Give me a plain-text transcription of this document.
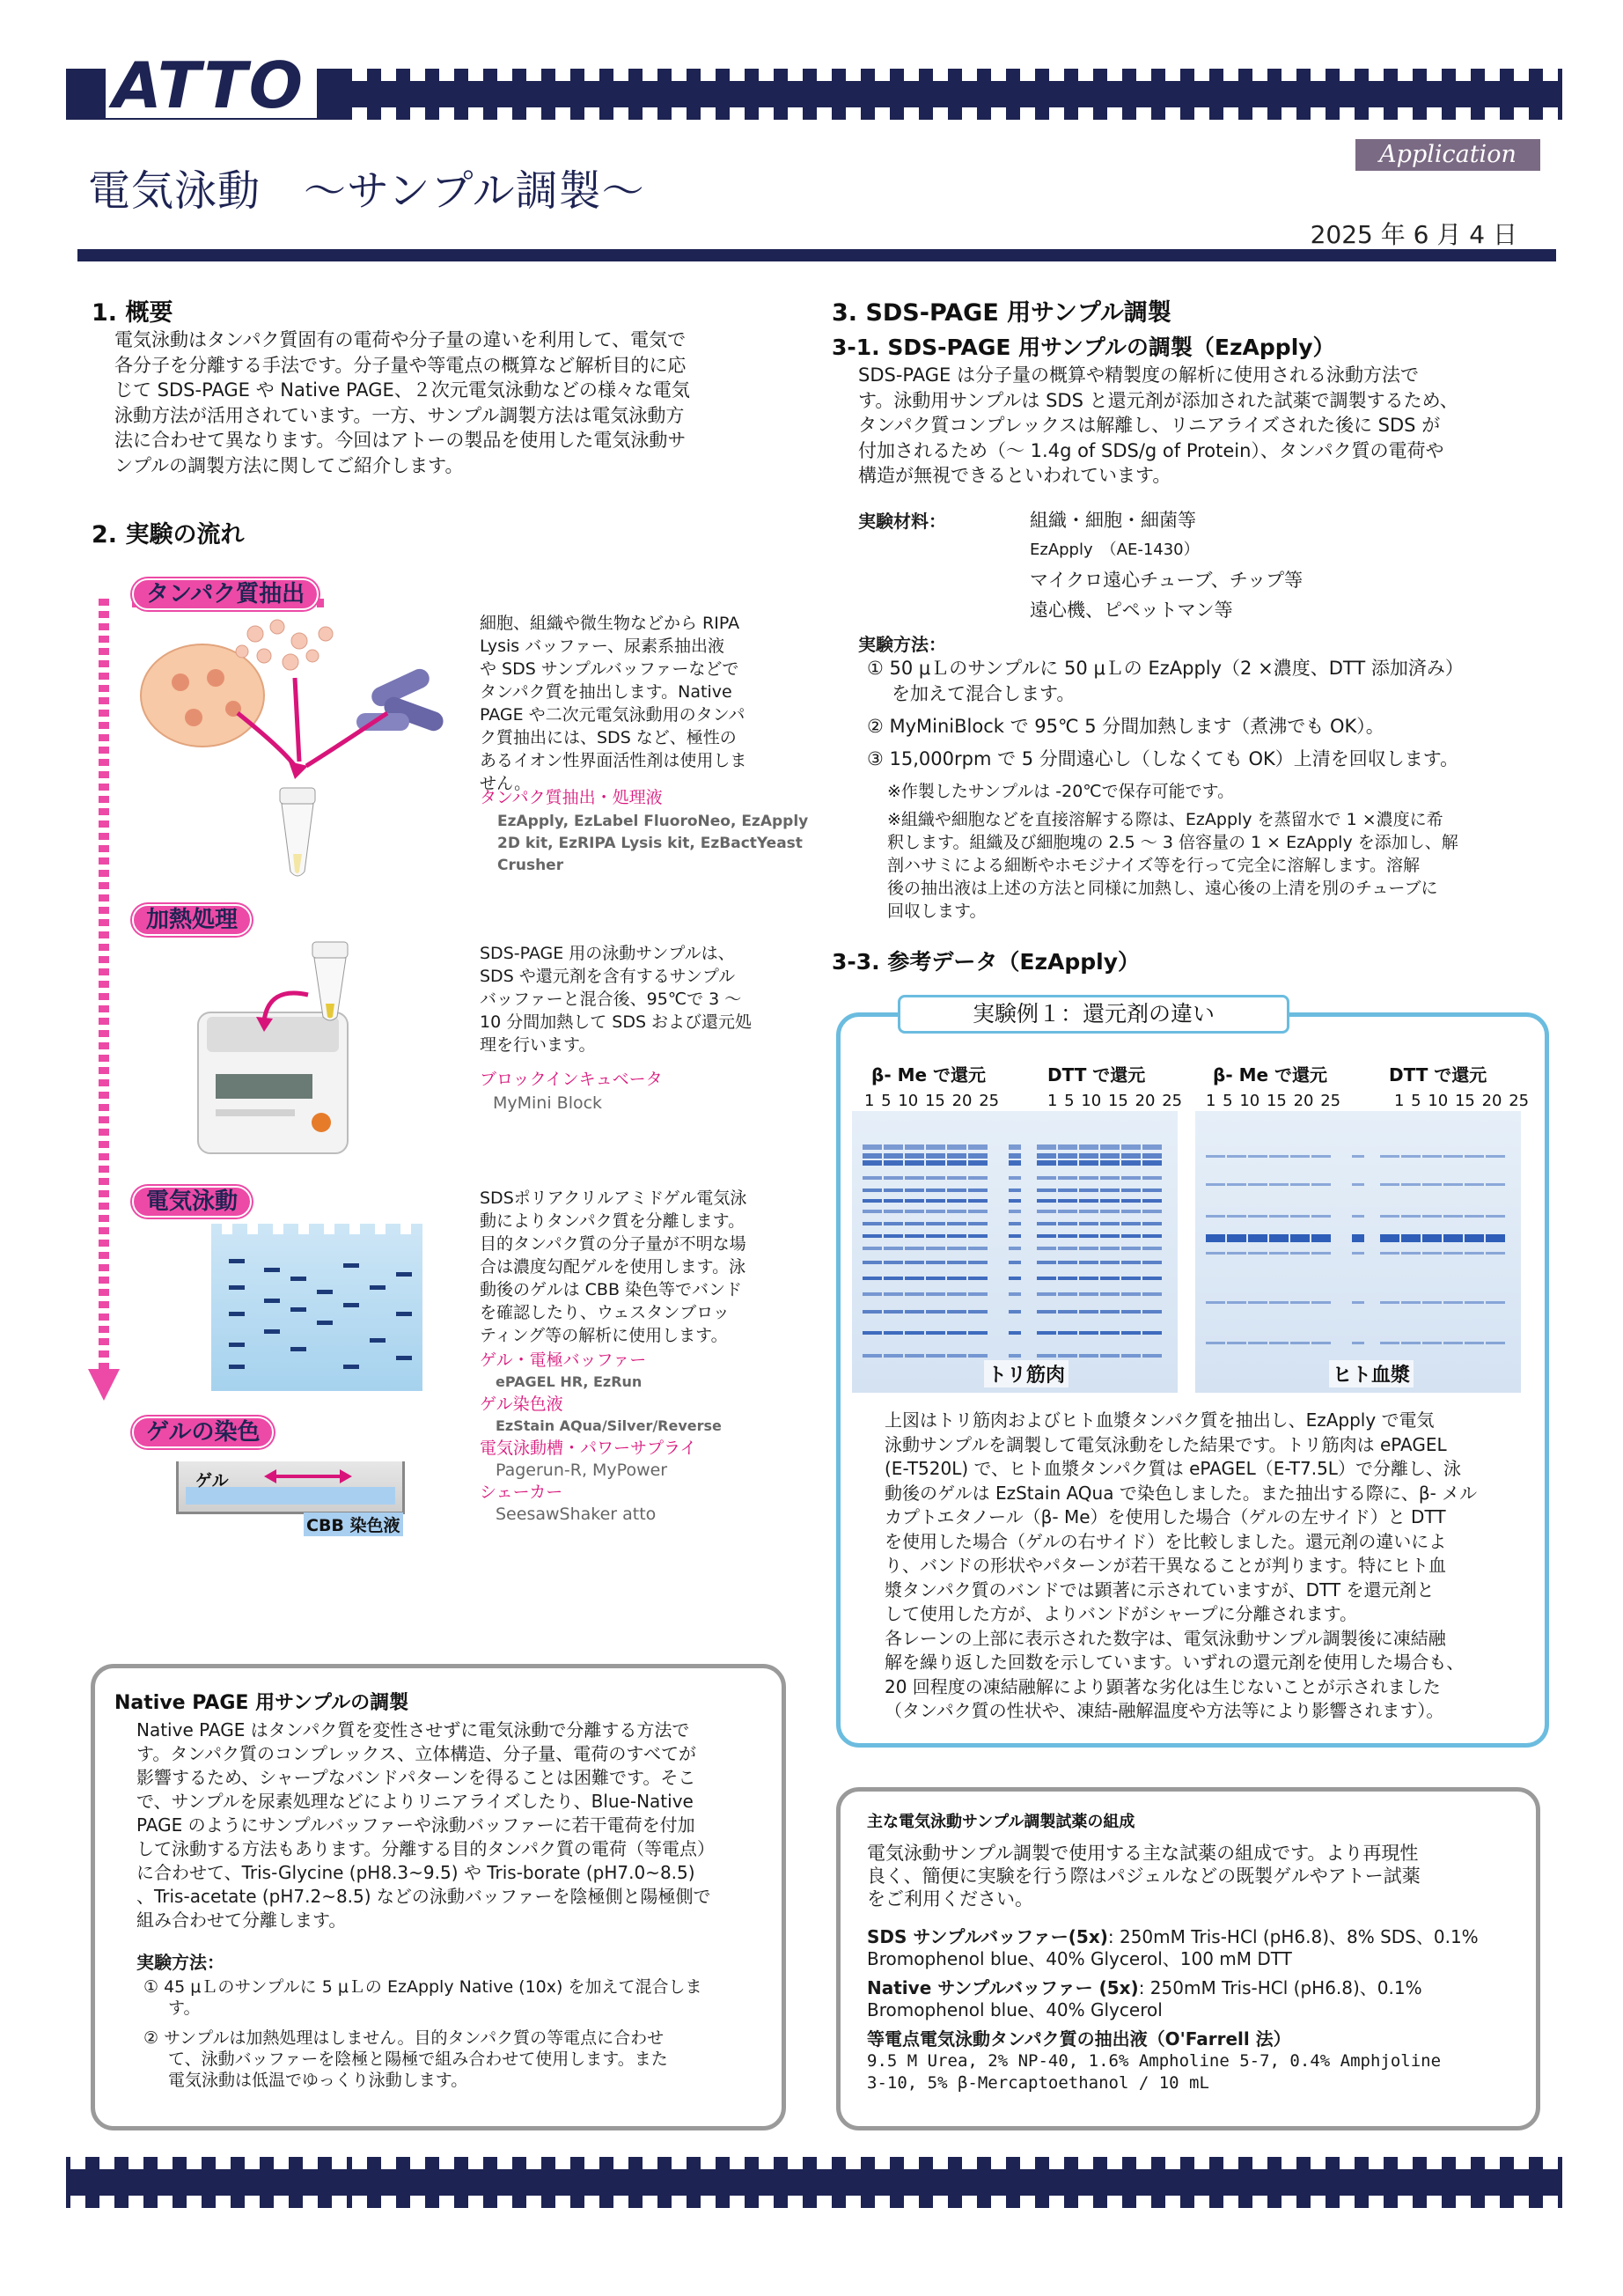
ATTO
Application Note
電気泳動　～サンプル調製～
2025 年 6 月 4 日
1. 概要
電気泳動はタンパク質固有の電荷や分子量の違いを利用して、電気で
各分子を分離する手法です。分子量や等電点の概算など解析目的に応
じて SDS-PAGE や Native PAGE、２次元電気泳動などの様々な電気
泳動方法が活用されています。一方、サンプル調製方法は電気泳動方
法に合わせて異なります。今回はアトーの製品を使用した電気泳動サ
ンプルの調製方法に関してご紹介します。
2. 実験の流れ
タンパク質抽出
細胞、組織や微生物などから RIPA
Lysis バッファー、尿素系抽出液
や SDS サンプルバッファーなどで
タンパク質を抽出します。Native
PAGE や二次元電気泳動用のタンパ
ク質抽出には、SDS など、極性の
あるイオン性界面活性剤は使用しま
せん。
タンパク質抽出・処理液
EzApply, EzLabel FluoroNeo, EzApply
2D kit, EzRIPA Lysis kit, EzBactYeast
Crusher
加熱処理
SDS-PAGE 用の泳動サンプルは、
SDS や還元剤を含有するサンプル
バッファーと混合後、95℃で 3 ～
10 分間加熱して SDS および還元処
理を行います。
ブロックインキュベータ
MyMini Block
電気泳動	SDSポリアクリルアミドゲル電気泳
動によりタンパク質を分離します。
目的タンパク質の分子量が不明な場
合は濃度勾配ゲルを使用します。泳
動後のゲルは CBB 染色等でバンド
を確認したり、ウェスタンブロッ
ティング等の解析に使用します。
ゲル・電極バッファー
ePAGEL HR, EzRun
ゲル染色液
EzStain AQua/Silver/Reverse
電気泳動槽・パワーサプライ
Pagerun-R, MyPower
シェーカー
SeesawShaker atto
ゲルの染色
ゲル
CBB 染色液
3. SDS-PAGE 用サンプル調製
3-1. SDS-PAGE 用サンプルの調製（EzApply）
SDS-PAGE は分子量の概算や精製度の解析に使用される泳動方法で
す。泳動用サンプルは SDS と還元剤が添加された試薬で調製するため、
タンパク質コンプレックスは解離し、リニアライズされた後に SDS が
付加されるため（～ 1.4g of SDS/g of Protein）、タンパク質の電荷や
構造が無視できるといわれています。
実験材料：	組織・細胞・細菌等
EzApply　（AE-1430）
マイクロ遠心チューブ、チップ等
遠心機、ピペットマン等
実験方法：
① 50 μＬのサンプルに 50 μＬの EzApply（2 ×濃度、DTT 添加済み）
を加えて混合します。
② MyMiniBlock で 95℃ 5 分間加熱します（煮沸でも OK）。
③ 15,000rpm で 5 分間遠心し（しなくても OK）上清を回収します。
※作製したサンプルは -20℃で保存可能です。
※組織や細胞などを直接溶解する際は、EzApply を蒸留水で 1 ×濃度に希
釈します。組織及び細胞塊の 2.5 ～ 3 倍容量の 1 × EzApply を添加し、解
剖ハサミによる細断やホモジナイズ等を行って完全に溶解します。溶解
後の抽出液は上述の方法と同様に加熱し、遠心後の上清を別のチューブに
回収します。
3-3. 参考データ（EzApply）
実験例１：還元剤の違い
β- Me で還元	DTT で還元	β- Me で還元	DTT で還元
1 5 10 15 20 25	1 5 10 15 20 25 1 5 10 15 20 25	1 5 10 15 20 25
トリ筋肉	ヒト血漿
上図はトリ筋肉およびヒト血漿タンパク質を抽出し、EzApply で電気
泳動サンプルを調製して電気泳動をした結果です。トリ筋肉は ePAGEL
(E-T520L) で、ヒト血漿タンパク質は ePAGEL（E-T7.5L）で分離し、泳
動後のゲルは EzStain AQua で染色しました。また抽出する際に、β- メル
カプトエタノール（β- Me）を使用した場合（ゲルの左サイド）と DTT
を使用した場合（ゲルの右サイド）を比較しました。還元剤の違いによ
り、バンドの形状やパターンが若干異なることが判ります。特にヒト血
漿タンパク質のバンドでは顕著に示されていますが、DTT を還元剤と
して使用した方が、よりバンドがシャープに分離されます。
各レーンの上部に表示された数字は、電気泳動サンプル調製後に凍結融
解を繰り返した回数を示しています。いずれの還元剤を使用した場合も、
20 回程度の凍結融解により顕著な劣化は生じないことが示されました
（タンパク質の性状や、凍結-融解温度や方法等により影響されます）。
Native PAGE 用サンプルの調製
Native PAGE はタンパク質を変性させずに電気泳動で分離する方法で
す。タンパク質のコンプレックス、立体構造、分子量、電荷のすべてが
影響するため、シャープなバンドパターンを得ることは困難です。そこ
で、サンプルを尿素処理などによりリニアライズしたり、Blue-Native
PAGE のようにサンプルバッファーや泳動バッファーに若干電荷を付加
して泳動する方法もあります。分離する目的タンパク質の電荷（等電点）
に合わせて、Tris-Glycine (pH8.3~9.5) や Tris-borate (pH7.0~8.5)
、Tris-acetate (pH7.2~8.5) などの泳動バッファーを陰極側と陽極側で
組み合わせて分離します。
実験方法：
① 45 μＬのサンプルに 5 μＬの EzApply Native (10x) を加えて混合しま
す。
② サンプルは加熱処理はしません。目的タンパク質の等電点に合わせ
て、泳動バッファーを陰極と陽極で組み合わせて使用します。また
電気泳動は低温でゆっくり泳動します。
主な電気泳動サンプル調製試薬の組成
電気泳動サンプル調製で使用する主な試薬の組成です。より再現性
良く、簡便に実験を行う際はパジェルなどの既製ゲルやアトー試薬
をご利用ください。
SDS サンプルバッファー(5x): 250mM Tris-HCl (pH6.8)、8% SDS、0.1%
Bromophenol blue、40% Glycerol、100 mM DTT
Native サンプルバッファー (5x): 250mM Tris-HCl (pH6.8)、0.1%
Bromophenol blue、40% Glycerol
等電点電気泳動タンパク質の抽出液（O'Farrell 法）
9.5 M Urea, 2% NP-40, 1.6% Ampholine 5-7, 0.4% Amphjoline
3-10, 5% β-Mercaptoethanol / 10 mL
